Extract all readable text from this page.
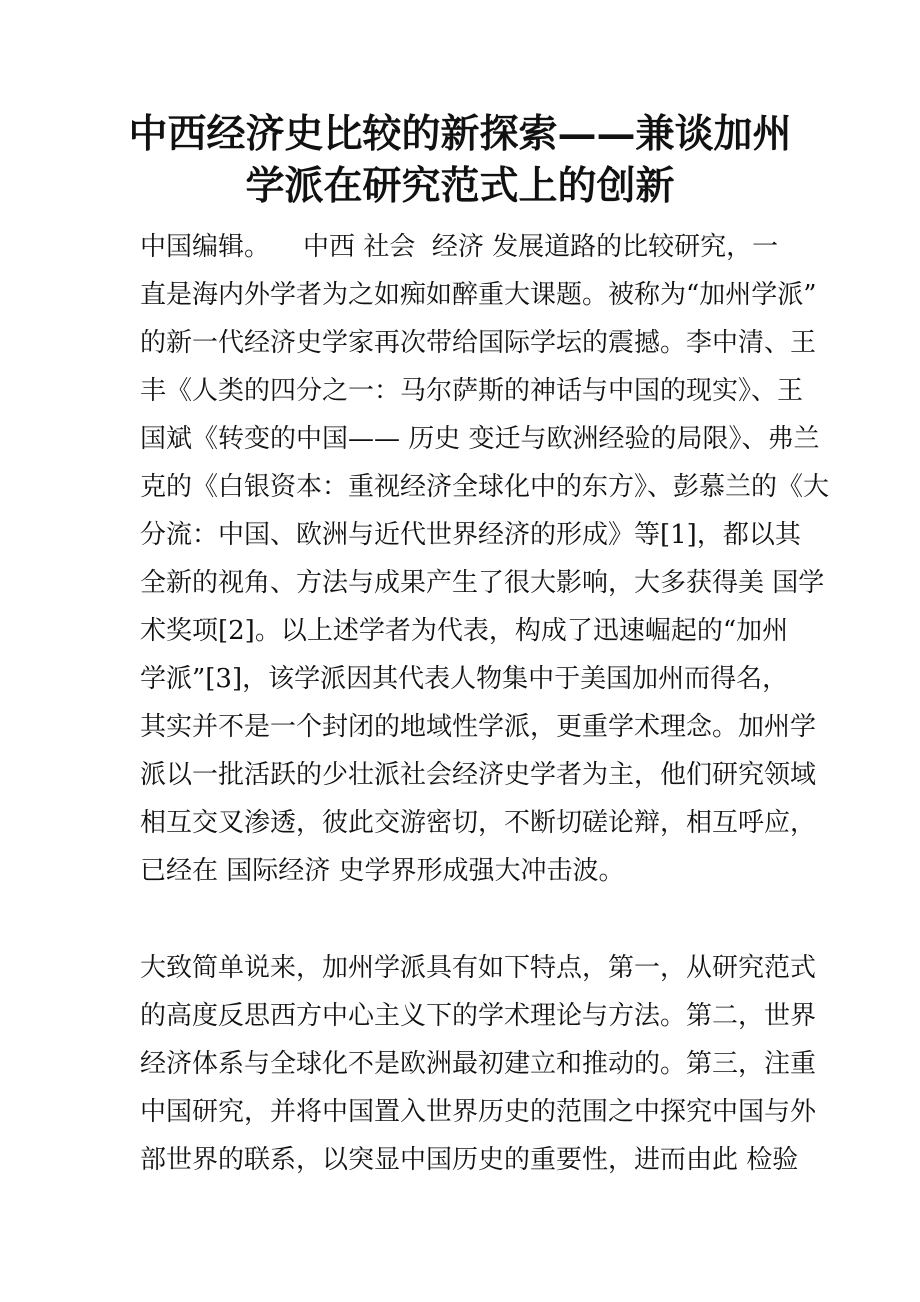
中西经济史比较的新探索——兼谈加州
学派在研究范式上的创新
中国编辑。    中西 社会  经济 发展道路的比较研究，一
直是海内外学者为之如痴如醉重大课题。被称为“加州学派”
的新一代经济史学家再次带给国际学坛的震撼。李中清、王
丰《人类的四分之一：马尔萨斯的神话与中国的现实》、王
国斌《转变的中国—— 历史 变迁与欧洲经验的局限》、弗兰
克的《白银资本：重视经济全球化中的东方》、彭慕兰的《大
分流：中国、欧洲与近代世界经济的形成》等[1]，都以其
全新的视角、方法与成果产生了很大影响，大多获得美 国学
术奖项[2]。以上述学者为代表，构成了迅速崛起的“加州
学派”[3]，该学派因其代表人物集中于美国加州而得名，
其实并不是一个封闭的地域性学派，更重学术理念。加州学
派以一批活跃的少壮派社会经济史学者为主，他们研究领域
相互交叉渗透，彼此交游密切，不断切磋论辩，相互呼应，
已经在 国际经济 史学界形成强大冲击波。
大致简单说来，加州学派具有如下特点，第一，从研究范式
的高度反思西方中心主义下的学术理论与方法。第二，世界
经济体系与全球化不是欧洲最初建立和推动的。第三，注重
中国研究，并将中国置入世界历史的范围之中探究中国与外
部世界的联系，以突显中国历史的重要性，进而由此 检验
